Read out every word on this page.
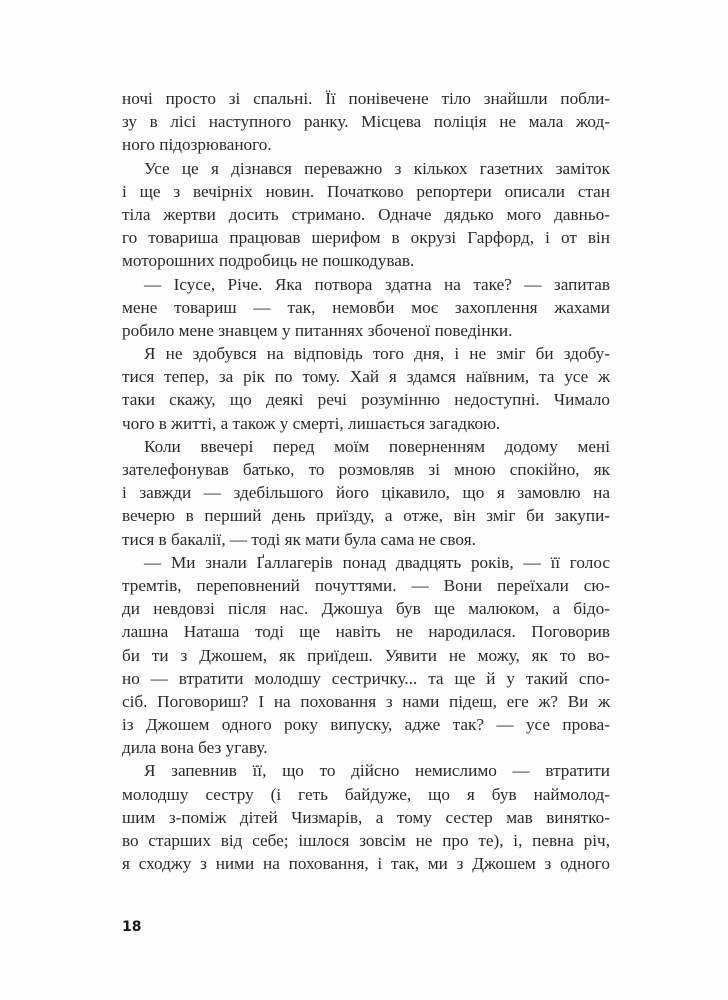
ночі просто зі спальні. Її понівечене тіло знайшли побли-
зу в лісі наступного ранку. Місцева поліція не мала жод-
ного підозрюваного.
Усе це я дізнався переважно з кількох газетних заміток
і ще з вечірніх новин. Початково репортери описали стан
тіла жертви досить стримано. Одначе дядько мого давньо-
го товариша працював шерифом в окрузі Гарфорд, і от він
моторошних подробиць не пошкодував.
— Ісусе, Річе. Яка потвора здатна на таке? — запитав
мене товариш — так, немовби моє захоплення жахами
робило мене знавцем у питаннях збоченої поведінки.
Я не здобувся на відповідь того дня, і не зміг би здобу-
тися тепер, за рік по тому. Хай я здамся наївним, та усе ж
таки скажу, що деякі речі розумінню недоступні. Чимало
чого в житті, а також у смерті, лишається загадкою.
Коли ввечері перед моїм поверненням додому мені
зателефонував батько, то розмовляв зі мною спокійно, як
і завжди — здебільшого його цікавило, що я замовлю на
вечерю в перший день приїзду, а отже, він зміг би закупи-
тися в бакалії, — тоді як мати була сама не своя.
— Ми знали Ґаллагерів понад двадцять років, — її голос
тремтів, переповнений почуттями. — Вони переїхали сю-
ди невдовзі після нас. Джошуа був ще малюком, а бідо-
лашна Наташа тоді ще навіть не народилася. Поговорив
би ти з Джошем, як приїдеш. Уявити не можу, як то во-
но — втратити молодшу сестричку... та ще й у такий спо-
сіб. Поговориш? І на поховання з нами підеш, еге ж? Ви ж
із Джошем одного року випуску, адже так? — усе прова-
дила вона без угаву.
Я запевнив її, що то дійсно немислимо — втратити
молодшу сестру (і геть байдуже, що я був наймолод-
шим з-поміж дітей Чизмарів, а тому сестер мав винятко-
во старших від себе; ішлося зовсім не про те), і, певна річ,
я сходжу з ними на поховання, і так, ми з Джошем з одного
18
